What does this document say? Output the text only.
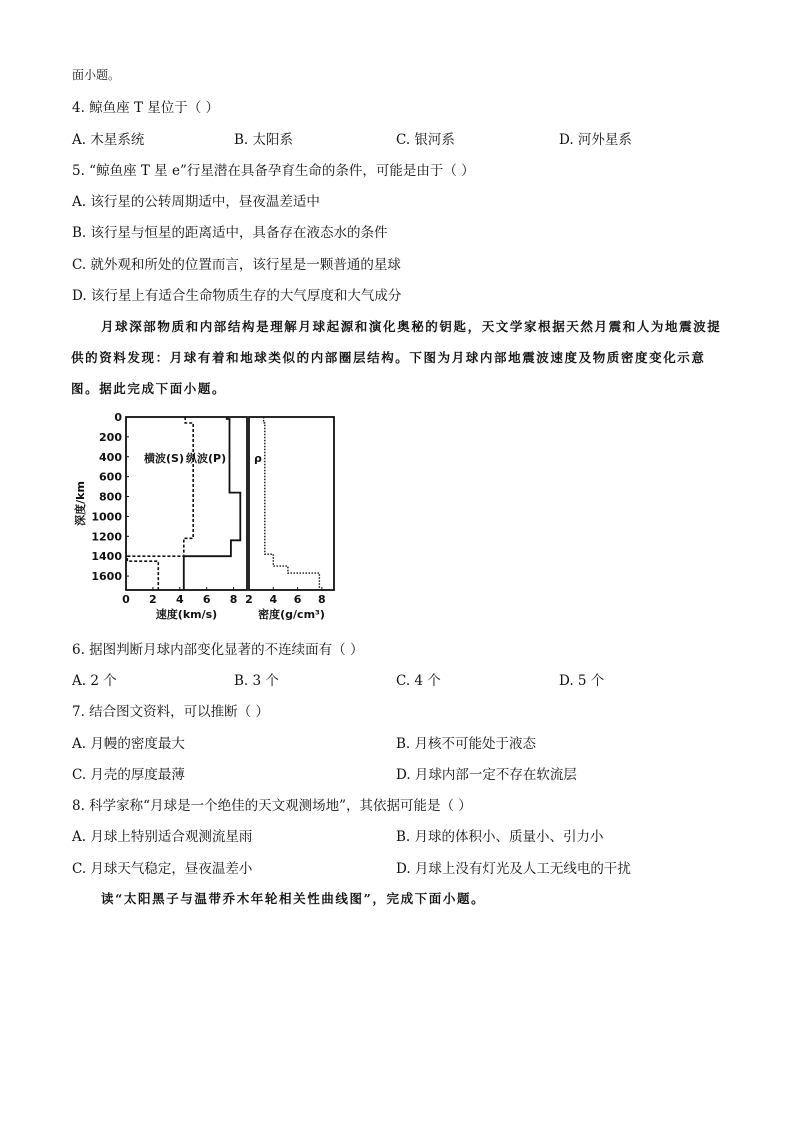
面小题。
4. 鲸鱼座 T 星位于（ ）
A. 木星系统	B. 太阳系	C. 银河系	D. 河外星系
5. “鲸鱼座 T 星 e”行星潜在具备孕育生命的条件，可能是由于（ ）
A. 该行星的公转周期适中，昼夜温差适中
B. 该行星与恒星的距离适中，具备存在液态水的条件
C. 就外观和所处的位置而言，该行星是一颗普通的星球
D. 该行星上有适合生命物质生存的大气厚度和大气成分
月球深部物质和内部结构是理解月球起源和演化奥秘的钥匙，天文学家根据天然月震和人为地震波提
供的资料发现：月球有着和地球类似的内部圈层结构。下图为月球内部地震波速度及物质密度变化示意
图。据此完成下面小题。
0
200
400
600
800
1000
1200
1400
1600
0 2 4 6 8 2 4 6 8
深度/km
速度(km/s)	密度(g/cm³)
横波(S) 纵波(P)	ρ
6. 据图判断月球内部变化显著的不连续面有（ ）
A. 2 个	B. 3 个	C. 4 个	D. 5 个
7. 结合图文资料，可以推断（ ）
A. 月幔的密度最大	B. 月核不可能处于液态
C. 月壳的厚度最薄	D. 月球内部一定不存在软流层
8. 科学家称“月球是一个绝佳的天文观测场地”，其依据可能是（ ）
A. 月球上特别适合观测流星雨	B. 月球的体积小、质量小、引力小
C. 月球天气稳定，昼夜温差小	D. 月球上没有灯光及人工无线电的干扰
读“太阳黑子与温带乔木年轮相关性曲线图”，完成下面小题。
